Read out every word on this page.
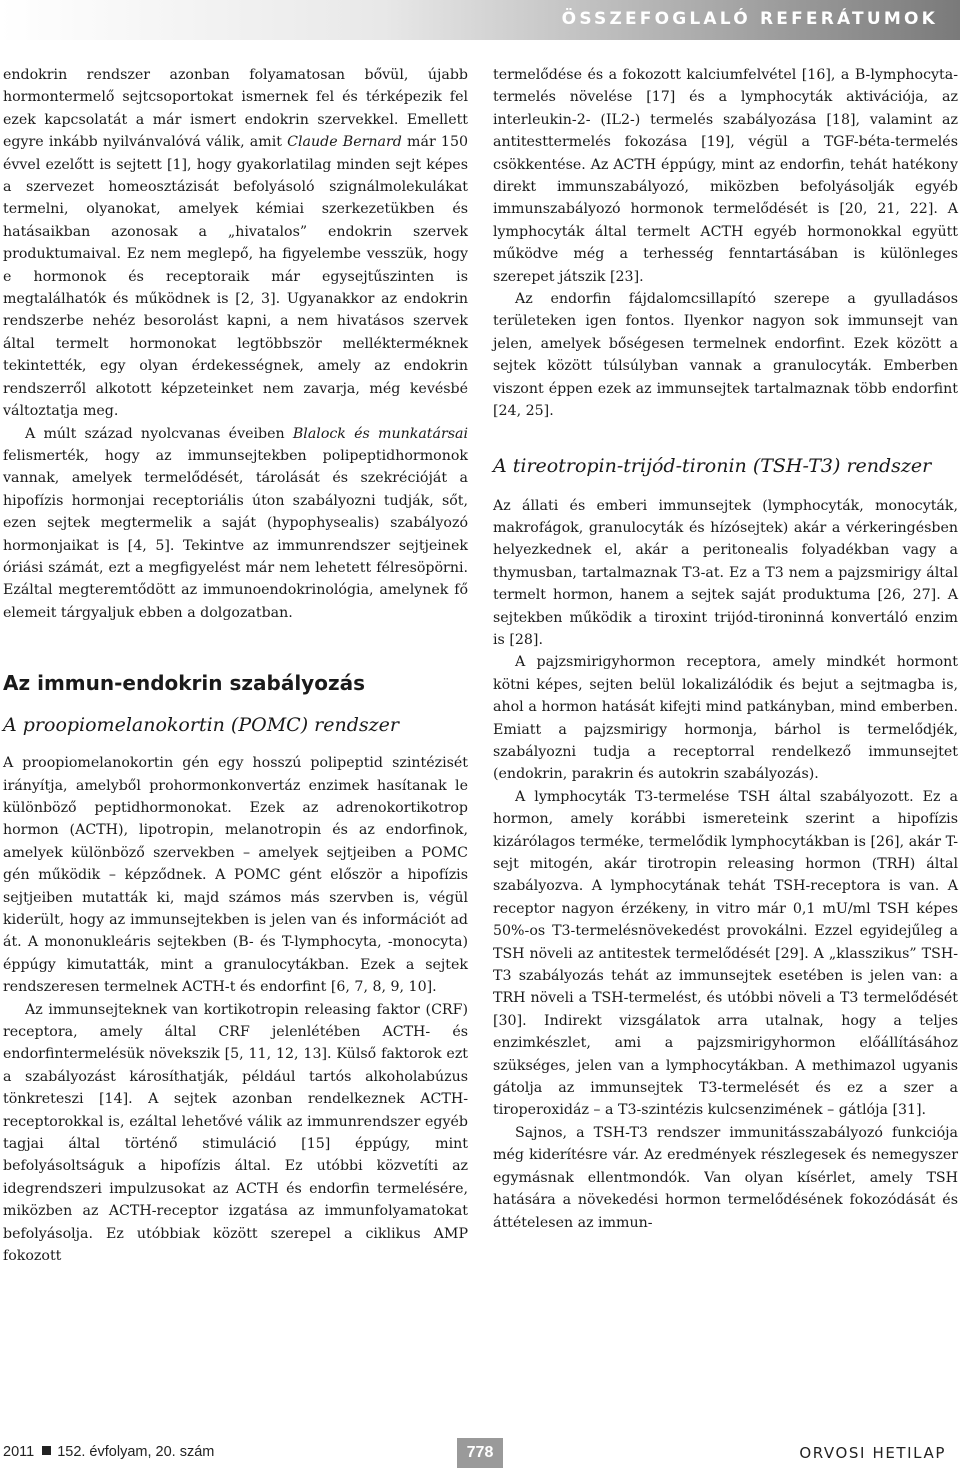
ÖSSZEFOGLALÓ REFERÁTUMOK

endokrin rendszer azonban folyamatosan bővül, újabb hormontermelő sejtcsoportokat ismernek fel és térképezik fel ezek kapcsolatát a már ismert endokrin szervekkel. Emellett egyre inkább nyilvánvalóvá válik, amit Claude Bernard már 150 évvel ezelőtt is sejtett [1], hogy gyakorlatilag minden sejt képes a szervezet homeosztázisát befolyásoló szignálmolekulákat termelni, olyanokat, amelyek kémiai szerkezetükben és hatásaikban azonosak a „hivatalos” endokrin szervek produktumaival. Ez nem meglepő, ha figyelembe vesszük, hogy e hormonok és receptoraik már egysejtűszinten is megtalálhatók és működnek is [2, 3]. Ugyanakkor az endokrin rendszerbe nehéz besorolást kapni, a nem hivatásos szervek által termelt hormonokat legtöbbször mellékterméknek tekintették, egy olyan érdekességnek, amely az endokrin rendszerről alkotott képzeteinket nem zavarja, még kevésbé változtatja meg.

A múlt század nyolcvanas éveiben Blalock és munkatársai felismerték, hogy az immunsejtekben polipeptidhormonok vannak, amelyek termelődését, tárolását és szekrécióját a hipofízis hormonjai receptoriális úton szabályozni tudják, sőt, ezen sejtek megtermelik a saját (hypophysealis) szabályozó hormonjaikat is [4, 5]. Tekintve az immunrendszer sejtjeinek óriási számát, ezt a megfigyelést már nem lehetett félresöpörni. Ezáltal megteremtődött az immunoendokrinológia, amelynek fő elemeit tárgyaljuk ebben a dolgozatban.

Az immun-endokrin szabályozás
A proopiomelanokortin (POMC) rendszer

A proopiomelanokortin gén egy hosszú polipeptid szintézisét irányítja, amelyből prohormonkonvertáz enzimek hasítanak le különböző peptidhormonokat. Ezek az adrenokortikotrop hormon (ACTH), lipotropin, melanotropin és az endorfinok, amelyek különböző szervekben – amelyek sejtjeiben a POMC gén működik – képződnek. A POMC gént először a hipofízis sejtjeiben mutatták ki, majd számos más szervben is, végül kiderült, hogy az immunsejtekben is jelen van és információt ad át. A mononukleáris sejtekben (B- és T-lymphocyta, -monocyta) éppúgy kimutatták, mint a granulocytákban. Ezek a sejtek rendszeresen termelnek ACTH-t és endorfint [6, 7, 8, 9, 10].

Az immunsejteknek van kortikotropin releasing faktor (CRF) receptora, amely által CRF jelenlétében ACTH- és endorfintermelésük növekszik [5, 11, 12, 13]. Külső faktorok ezt a szabályozást károsíthatják, például tartós alkoholabúzus tönkreteszi [14]. A sejtek azonban rendelkeznek ACTH-receptorokkal is, ezáltal lehetővé válik az immunrendszer egyéb tagjai által történő stimuláció [15] éppúgy, mint befolyásoltságuk a hipofízis által. Ez utóbbi közvetíti az idegrendszeri impulzusokat az ACTH és endorfin termelésére, miközben az ACTH-receptor izgatása az immunfolyamatokat befolyásolja. Ez utóbbiak között szerepel a ciklikus AMP fokozott

termelődése és a fokozott kalciumfelvétel [16], a B-lymphocyta-termelés növelése [17] és a lymphocyták aktivációja, az interleukin-2- (IL2-) termelés szabályozása [18], valamint az antitesttermelés fokozása [19], végül a TGF-béta-termelés csökkentése. Az ACTH éppúgy, mint az endorfin, tehát hatékony direkt immunszabályozó, miközben befolyásolják egyéb immunszabályozó hormonok termelődését is [20, 21, 22]. A lymphocyták által termelt ACTH egyéb hormonokkal együtt működve még a terhesség fenntartásában is különleges szerepet játszik [23].

Az endorfin fájdalomcsillapító szerepe a gyulladásos területeken igen fontos. Ilyenkor nagyon sok immunsejt van jelen, amelyek bőségesen termelnek endorfint. Ezek között a sejtek között túlsúlyban vannak a granulocyták. Emberben viszont éppen ezek az immunsejtek tartalmaznak több endorfint [24, 25].

A tireotropin-trijód-tironin (TSH-T3) rendszer

Az állati és emberi immunsejtek (lymphocyták, monocyták, makrofágok, granulocyták és hízósejtek) akár a vérkeringésben helyezkednek el, akár a peritonealis folyadékban vagy a thymusban, tartalmaznak T3-at. Ez a T3 nem a pajzsmirigy által termelt hormon, hanem a sejtek saját produktuma [26, 27]. A sejtekben működik a tiroxint trijód-tironinná konvertáló enzim is [28].

A pajzsmirigyhormon receptora, amely mindkét hormont kötni képes, sejten belül lokalizálódik és bejut a sejtmagba is, ahol a hormon hatását kifejti mind patkányban, mind emberben. Emiatt a pajzsmirigy hormonja, bárhol is termelődjék, szabályozni tudja a receptorral rendelkező immunsejtet (endokrin, parakrin és autokrin szabályozás).

A lymphocyták T3-termelése TSH által szabályozott. Ez a hormon, amely korábbi ismereteink szerint a hipofízis kizárólagos terméke, termelődik lymphocytákban is [26], akár T-sejt mitogén, akár tirotropin releasing hormon (TRH) által szabályozva. A lymphocytának tehát TSH-receptora is van. A receptor nagyon érzékeny, in vitro már 0,1 mU/ml TSH képes 50%-os T3-termelésnövekedést provokálni. Ezzel egyidejűleg a TSH növeli az antitestek termelődését [29]. A „klasszikus” TSH-T3 szabályozás tehát az immunsejtek esetében is jelen van: a TRH növeli a TSH-termelést, és utóbbi növeli a T3 termelődését [30]. Indirekt vizsgálatok arra utalnak, hogy a teljes enzimkészlet, ami a pajzsmirigyhormon előállításához szükséges, jelen van a lymphocytákban. A methimazol ugyanis gátolja az immunsejtek T3-termelését és ez a szer a tiroperoxidáz – a T3-szintézis kulcsenzimének – gátlója [31].

Sajnos, a TSH-T3 rendszer immunitásszabályozó funkciója még kiderítésre vár. Az eredmények részlegesek és nemegyszer egymásnak ellentmondók. Van olyan kísérlet, amely TSH hatására a növekedési hormon termelődésének fokozódását és áttételesen az immun-

2011 152. évfolyam, 20. szám	778	ORVOSI HETILAP
